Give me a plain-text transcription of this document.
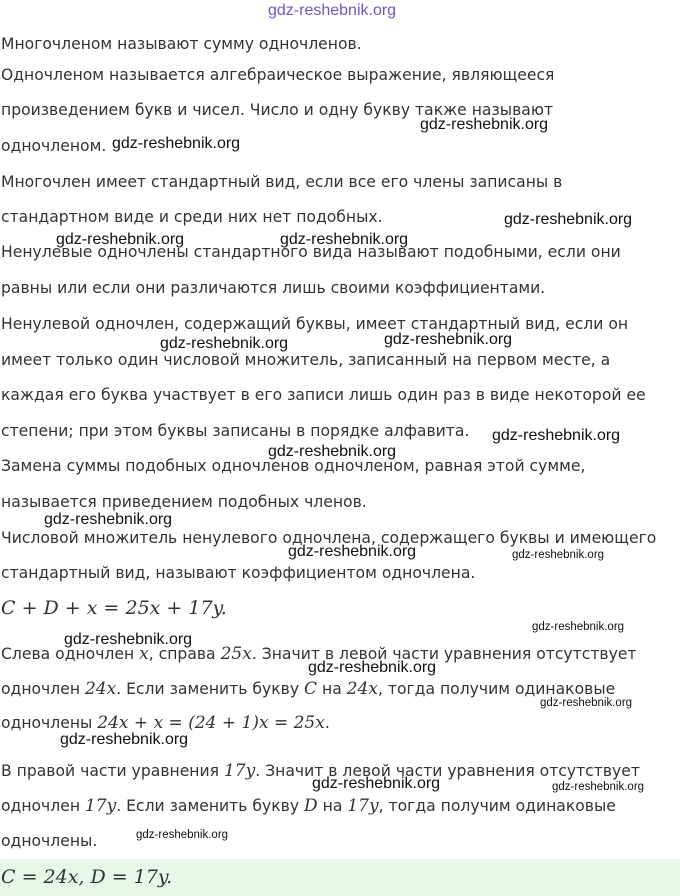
Многочленом называют сумму одночленов.
Одночленом называется алгебраическое выражение, являющееся
произведением букв и чисел. Число и одну букву также называют
одночленом.
Многочлен имеет стандартный вид, если все его члены записаны в
стандартном виде и среди них нет подобных.
Ненулевые одночлены стандартного вида называют подобными, если они
равны или если они различаются лишь своими коэффициентами.
Ненулевой одночлен, содержащий буквы, имеет стандартный вид, если он
имеет только один числовой множитель, записанный на первом месте, а
каждая его буква участвует в его записи лишь один раз в виде некоторой ее
степени; при этом буквы записаны в порядке алфавита.
Замена суммы подобных одночленов одночленом, равная этой сумме,
называется приведением подобных членов.
Числовой множитель ненулевого одночлена, содержащего буквы и имеющего
стандартный вид, называют коэффициентом одночлена.
C + D + x = 25x + 17y.
Слева одночлен x, справа 25x. Значит в левой части уравнения отсутствует
одночлен 24x. Если заменить букву C на 24x, тогда получим одинаковые
одночлены 24x + x = (24 + 1)x = 25x.
В правой части уравнения 17y. Значит в левой части уравнения отсутствует
одночлен 17y. Если заменить букву D на 17y, тогда получим одинаковые
одночлены.
C = 24x, D = 17y.
gdz-reshebnik.org
gdz-reshebnik.org
gdz-reshebnik.org
gdz-reshebnik.org
gdz-reshebnik.org	gdz-reshebnik.org
gdz-reshebnik.org	gdz-reshebnik.org
gdz-reshebnik.org
gdz-reshebnik.org
gdz-reshebnik.org
gdz-reshebnik.org	gdz-reshebnik.org
gdz-reshebnik.org
gdz-reshebnik.org
gdz-reshebnik.org
gdz-reshebnik.org
gdz-reshebnik.org
gdz-reshebnik.org	gdz-reshebnik.org
gdz-reshebnik.org
